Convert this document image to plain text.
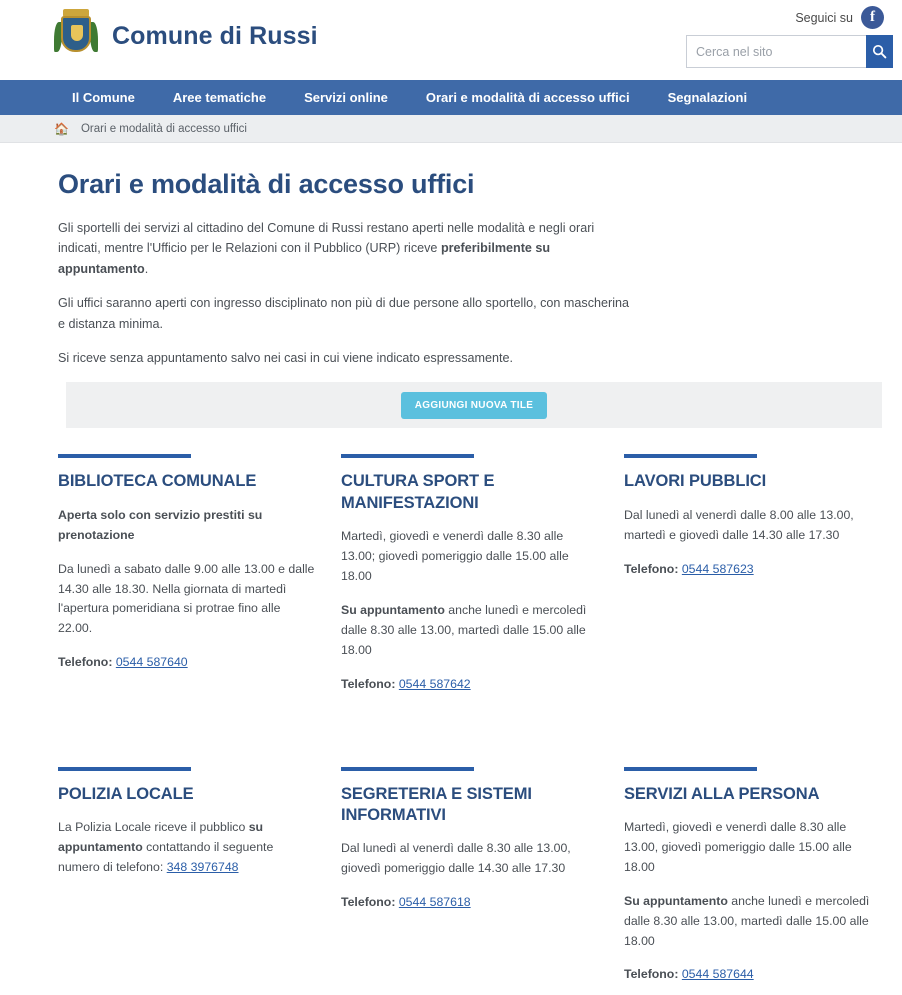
Seguici su	f
Comune di Russi
Cerca nel sito
Il Comune	Aree tematiche	Servizi online	Orari e modalità di accesso uffici	Segnalazioni
🏠 Orari e modalità di accesso uffici
Orari e modalità di accesso uffici

Gli sportelli dei servizi al cittadino del Comune di Russi restano aperti nelle modalità e negli orari indicati, mentre l'Ufficio per le Relazioni con il Pubblico (URP) riceve preferibilmente su appuntamento.

Gli uffici saranno aperti con ingresso disciplinato non più di due persone allo sportello, con mascherina e distanza minima.

Si riceve senza appuntamento salvo nei casi in cui viene indicato espressamente.

AGGIUNGI NUOVA TILE
BIBLIOTECA COMUNALE

Aperta solo con servizio prestiti su prenotazione

Da lunedì a sabato dalle 9.00 alle 13.00 e dalle 14.30 alle 18.30. Nella giornata di martedì l'apertura pomeridiana si protrae fino alle 22.00.

Telefono: 0544 587640

CULTURA SPORT E MANIFESTAZIONI

Martedì, giovedì e venerdì dalle 8.30 alle 13.00; giovedì pomeriggio dalle 15.00 alle 18.00

Su appuntamento anche lunedì e mercoledì dalle 8.30 alle 13.00, martedì dalle 15.00 alle 18.00

Telefono: 0544 587642

LAVORI PUBBLICI

Dal lunedì al venerdì dalle 8.00 alle 13.00, martedì e giovedì dalle 14.30 alle 17.30

Telefono: 0544 587623

POLIZIA LOCALE

La Polizia Locale riceve il pubblico su appuntamento contattando il seguente numero di telefono: 348 3976748

SEGRETERIA E SISTEMI INFORMATIVI

Dal lunedì al venerdì dalle 8.30 alle 13.00, giovedì pomeriggio dalle 14.30 alle 17.30

Telefono: 0544 587618

SERVIZI ALLA PERSONA

Martedì, giovedì e venerdì dalle 8.30 alle 13.00, giovedì pomeriggio dalle 15.00 alle 18.00

Su appuntamento anche lunedì e mercoledì dalle 8.30 alle 13.00, martedì dalle 15.00 alle 18.00

Telefono: 0544 587644
